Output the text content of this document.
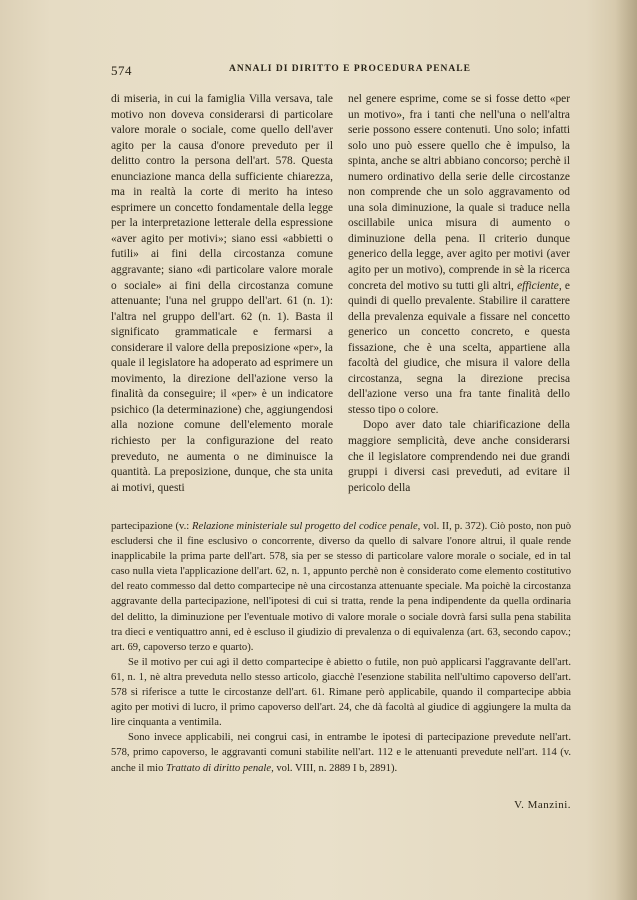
574	ANNALI DI DIRITTO E PROCEDURA PENALE

di miseria, in cui la famiglia Villa versava, tale motivo non doveva considerarsi di particolare valore morale o sociale, come quello dell'aver agito per la causa d'onore preveduto per il delitto contro la persona dell'art. 578. Questa enunciazione manca della sufficiente chiarezza, ma in realtà la corte di merito ha inteso esprimere un concetto fondamentale della legge per la interpretazione letterale della espressione «aver agito per motivi»; siano essi «abbietti o futili» ai fini della circostanza comune aggravante; siano «di particolare valore morale o sociale» ai fini della circostanza comune attenuante; l'una nel gruppo dell'art. 61 (n. 1): l'altra nel gruppo dell'art. 62 (n. 1). Basta il significato grammaticale e fermarsi a considerare il valore della preposizione «per», la quale il legislatore ha adoperato ad esprimere un movimento, la direzione dell'azione verso la finalità da conseguire; il «per» è un indicatore psichico (la determinazione) che, aggiungendosi alla nozione comune dell'elemento morale richiesto per la configurazione del reato preveduto, ne aumenta o ne diminuisce la quantità. La preposizione, dunque, che sta unita ai motivi, questi

nel genere esprime, come se si fosse detto «per un motivo», fra i tanti che nell'una o nell'altra serie possono essere contenuti. Uno solo; infatti solo uno può essere quello che è impulso, la spinta, anche se altri abbiano concorso; perchè il numero ordinativo della serie delle circostanze non comprende che un solo aggravamento od una sola diminuzione, la quale si traduce nella oscillabile unica misura di aumento o diminuzione della pena. Il criterio dunque generico della legge, aver agito per motivi (aver agito per un motivo), comprende in sè la ricerca concreta del motivo su tutti gli altri, efficiente, e quindi di quello prevalente. Stabilire il carattere della prevalenza equivale a fissare nel concetto generico un concetto concreto, e questa fissazione, che è una scelta, appartiene alla facoltà del giudice, che misura il valore della circostanza, segna la direzione precisa dell'azione verso una fra tante finalità dello stesso tipo o colore.

Dopo aver dato tale chiarificazione della maggiore semplicità, deve anche considerarsi che il legislatore comprendendo nei due grandi gruppi i diversi casi preveduti, ad evitare il pericolo della

partecipazione (v.: Relazione ministeriale sul progetto del codice penale, vol. II, p. 372). Ciò posto, non può escludersi che il fine esclusivo o concorrente, diverso da quello di salvare l'onore altrui, il quale rende inapplicabile la prima parte dell'art. 578, sia per se stesso di particolare valore morale o sociale, ed in tal caso nulla vieta l'applicazione dell'art. 62, n. 1, appunto perchè non è considerato come elemento costitutivo del reato commesso dal detto compartecipe nè una circostanza attenuante speciale. Ma poichè la circostanza aggravante della partecipazione, nell'ipotesi di cui si tratta, rende la pena indipendente da quella ordinaria del delitto, la diminuzione per l'eventuale motivo di valore morale o sociale dovrà farsi sulla pena stabilita tra dieci e ventiquattro anni, ed è escluso il giudizio di prevalenza o di equivalenza (art. 63, secondo capov.; art. 69, capoverso terzo e quarto).

Se il motivo per cui agì il detto compartecipe è abietto o futile, non può applicarsi l'aggravante dell'art. 61, n. 1, nè altra preveduta nello stesso articolo, giacchè l'esenzione stabilita nell'ultimo capoverso dell'art. 578 si riferisce a tutte le circostanze dell'art. 61. Rimane però applicabile, quando il compartecipe abbia agito per motivi di lucro, il primo capoverso dell'art. 24, che dà facoltà al giudice di aggiungere la multa da lire cinquanta a ventimila.

Sono invece applicabili, nei congrui casi, in entrambe le ipotesi di partecipazione prevedute nell'art. 578, primo capoverso, le aggravanti comuni stabilite nell'art. 112 e le attenuanti prevedute nell'art. 114 (v. anche il mio Trattato di diritto penale, vol. VIII, n. 2889 I b, 2891).

V. Manzini.
